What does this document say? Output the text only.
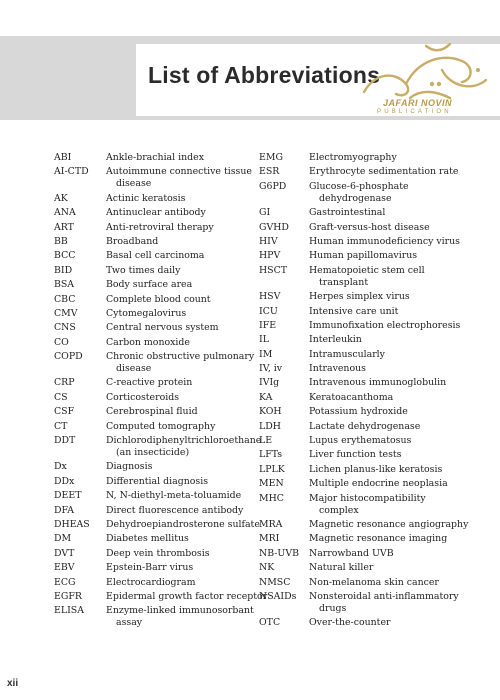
List of Abbreviations
JAFARI NOVIN
PUBLICATION
ABI	Ankle-brachial index
AI-CTD	Autoimmune connective tissue
disease
AK	Actinic keratosis
ANA	Antinuclear antibody
ART	Anti-retroviral therapy
BB	Broadband
BCC	Basal cell carcinoma
BID	Two times daily
BSA	Body surface area
CBC	Complete blood count
CMV	Cytomegalovirus
CNS	Central nervous system
CO	Carbon monoxide
COPD	Chronic obstructive pulmonary
disease
CRP	C-reactive protein
CS	Corticosteroids
CSF	Cerebrospinal fluid
CT	Computed tomography
DDT	Dichlorodiphenyltrichloroethane
(an insecticide)
Dx	Diagnosis
DDx	Differential diagnosis
DEET	N, N-diethyl-meta-toluamide
DFA	Direct fluorescence antibody
DHEAS	Dehydroepiandrosterone sulfate
DM	Diabetes mellitus
DVT	Deep vein thrombosis
EBV	Epstein-Barr virus
ECG	Electrocardiogram
EGFR	Epidermal growth factor receptor
ELISA	Enzyme-linked immunosorbant
assay
EMG	Electromyography
ESR	Erythrocyte sedimentation rate
G6PD	Glucose-6-phosphate
dehydrogenase
GI	Gastrointestinal
GVHD	Graft-versus-host disease
HIV	Human immunodeficiency virus
HPV	Human papillomavirus
HSCT	Hematopoietic stem cell
transplant
HSV	Herpes simplex virus
ICU	Intensive care unit
IFE	Immunofixation electrophoresis
IL	Interleukin
IM	Intramuscularly
IV, iv	Intravenous
IVIg	Intravenous immunoglobulin
KA	Keratoacanthoma
KOH	Potassium hydroxide
LDH	Lactate dehydrogenase
LE	Lupus erythematosus
LFTs	Liver function tests
LPLK	Lichen planus-like keratosis
MEN	Multiple endocrine neoplasia
MHC	Major histocompatibility
complex
MRA	Magnetic resonance angiography
MRI	Magnetic resonance imaging
NB-UVB	Narrowband UVB
NK	Natural killer
NMSC	Non-melanoma skin cancer
NSAIDs	Nonsteroidal anti-inflammatory
drugs
OTC	Over-the-counter
xii
